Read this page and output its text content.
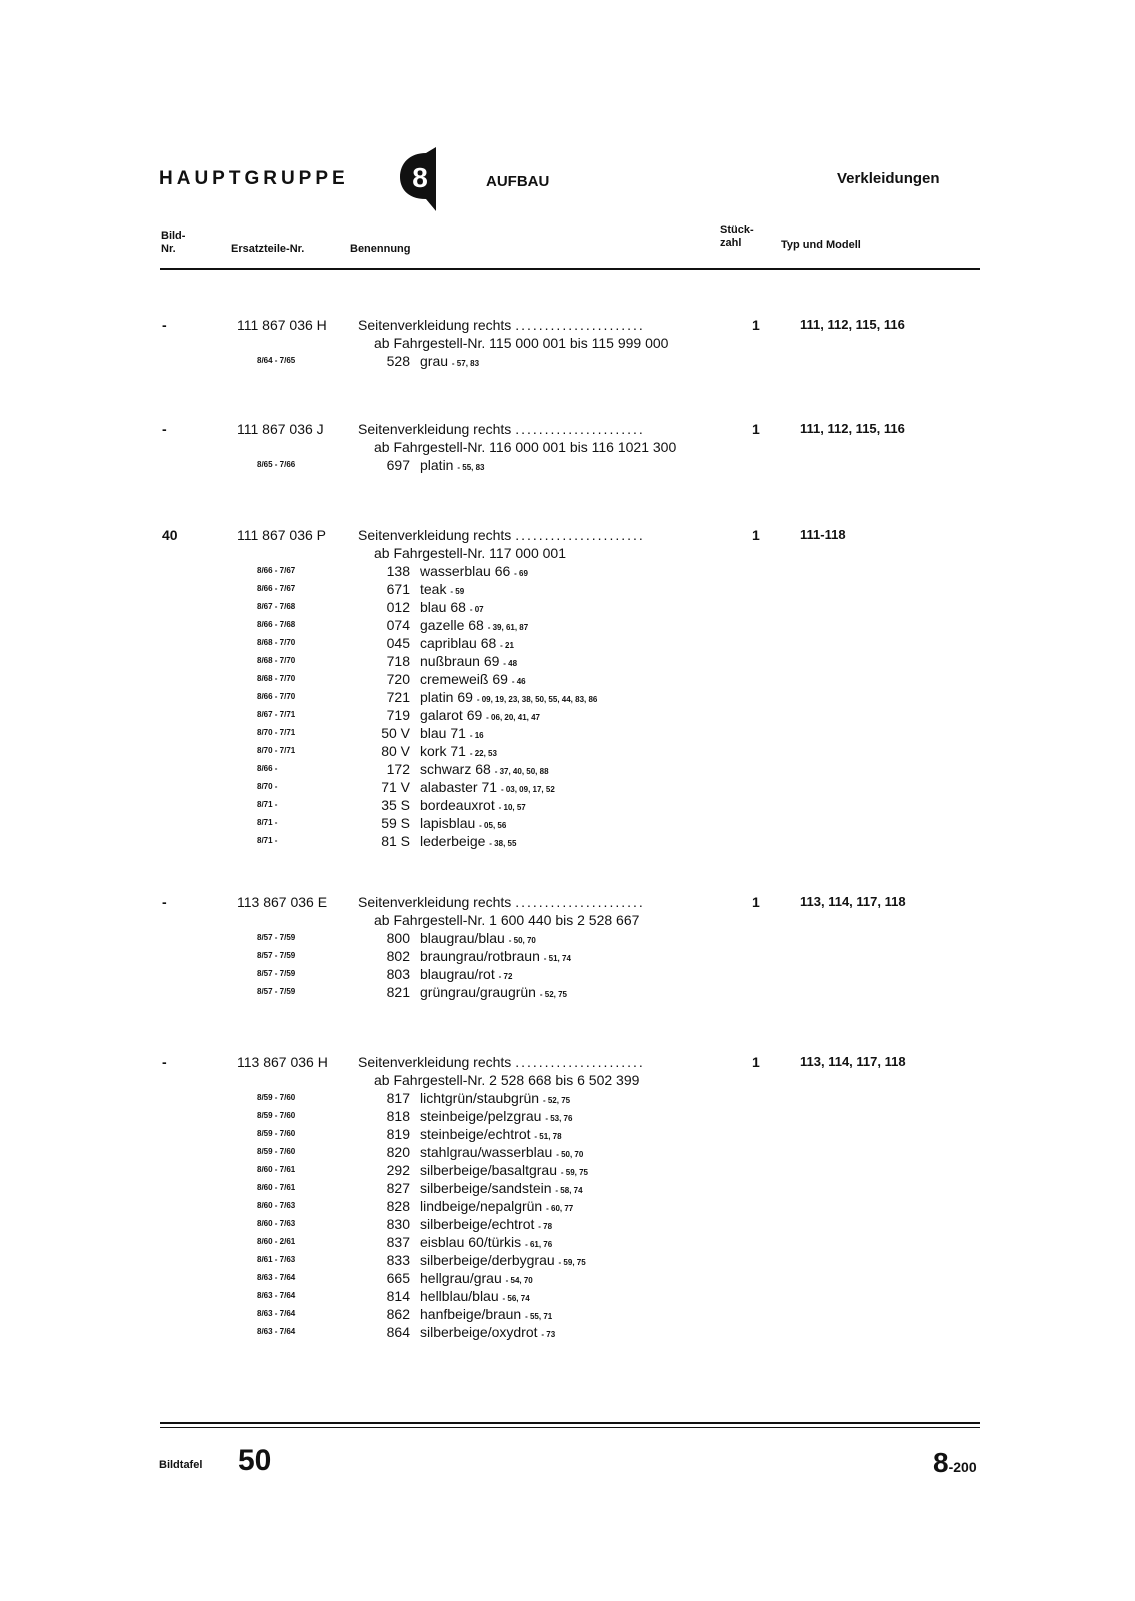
HAUPTGRUPPE 8	AUFBAU	Verkleidungen
Bild-
Nr.	Ersatzteile-Nr.	Benennung
Stück-
zahl	Typ und Modell
-	111 867 036 H Seitenverkleidung rechts ......................	1	111, 112, 115, 116
ab Fahrgestell-Nr. 115 000 001 bis 115 999 000
8/64 - 7/65	528 grau - 57, 83
-	111 867 036 J Seitenverkleidung rechts ......................	1	111, 112, 115, 116
ab Fahrgestell-Nr. 116 000 001 bis 116 1021 300
8/65 - 7/66	697 platin - 55, 83
40	111 867 036 P Seitenverkleidung rechts ......................	1	111-118
ab Fahrgestell-Nr. 117 000 001
8/66 - 7/67	138 wasserblau 66 - 69
8/66 - 7/67	671 teak - 59
8/67 - 7/68	012 blau 68 - 07
8/66 - 7/68	074 gazelle 68 - 39, 61, 87
8/68 - 7/70	045 capriblau 68 - 21
8/68 - 7/70	718 nußbraun 69 - 48
8/68 - 7/70	720 cremeweiß 69 - 46
8/66 - 7/70	721 platin 69 - 09, 19, 23, 38, 50, 55, 44, 83, 86
8/67 - 7/71	719 galarot 69 - 06, 20, 41, 47
8/70 - 7/71	50 V blau 71 - 16
8/70 - 7/71	80 V kork 71 - 22, 53
8/66 -	172 schwarz 68 - 37, 40, 50, 88
8/70 -	71 V alabaster 71 - 03, 09, 17, 52
8/71 -	35 S bordeauxrot - 10, 57
8/71 -	59 S lapisblau - 05, 56
8/71 -	81 S lederbeige - 38, 55
-	113 867 036 E Seitenverkleidung rechts ......................	1	113, 114, 117, 118
ab Fahrgestell-Nr. 1 600 440 bis 2 528 667
8/57 - 7/59	800 blaugrau/blau - 50, 70
8/57 - 7/59	802 braungrau/rotbraun - 51, 74
8/57 - 7/59	803 blaugrau/rot - 72
8/57 - 7/59	821 grüngrau/graugrün - 52, 75
-	113 867 036 H Seitenverkleidung rechts ......................	1	113, 114, 117, 118
ab Fahrgestell-Nr. 2 528 668 bis 6 502 399
8/59 - 7/60	817 lichtgrün/staubgrün - 52, 75
8/59 - 7/60	818 steinbeige/pelzgrau - 53, 76
8/59 - 7/60	819 steinbeige/echtrot - 51, 78
8/59 - 7/60	820 stahlgrau/wasserblau - 50, 70
8/60 - 7/61	292 silberbeige/basaltgrau - 59, 75
8/60 - 7/61	827 silberbeige/sandstein - 58, 74
8/60 - 7/63	828 lindbeige/nepalgrün - 60, 77
8/60 - 7/63	830 silberbeige/echtrot - 78
8/60 - 2/61	837 eisblau 60/türkis - 61, 76
8/61 - 7/63	833 silberbeige/derbygrau - 59, 75
8/63 - 7/64	665 hellgrau/grau - 54, 70
8/63 - 7/64	814 hellblau/blau - 56, 74
8/63 - 7/64	862 hanfbeige/braun - 55, 71
8/63 - 7/64	864 silberbeige/oxydrot - 73
Bildtafel 50	8-200
